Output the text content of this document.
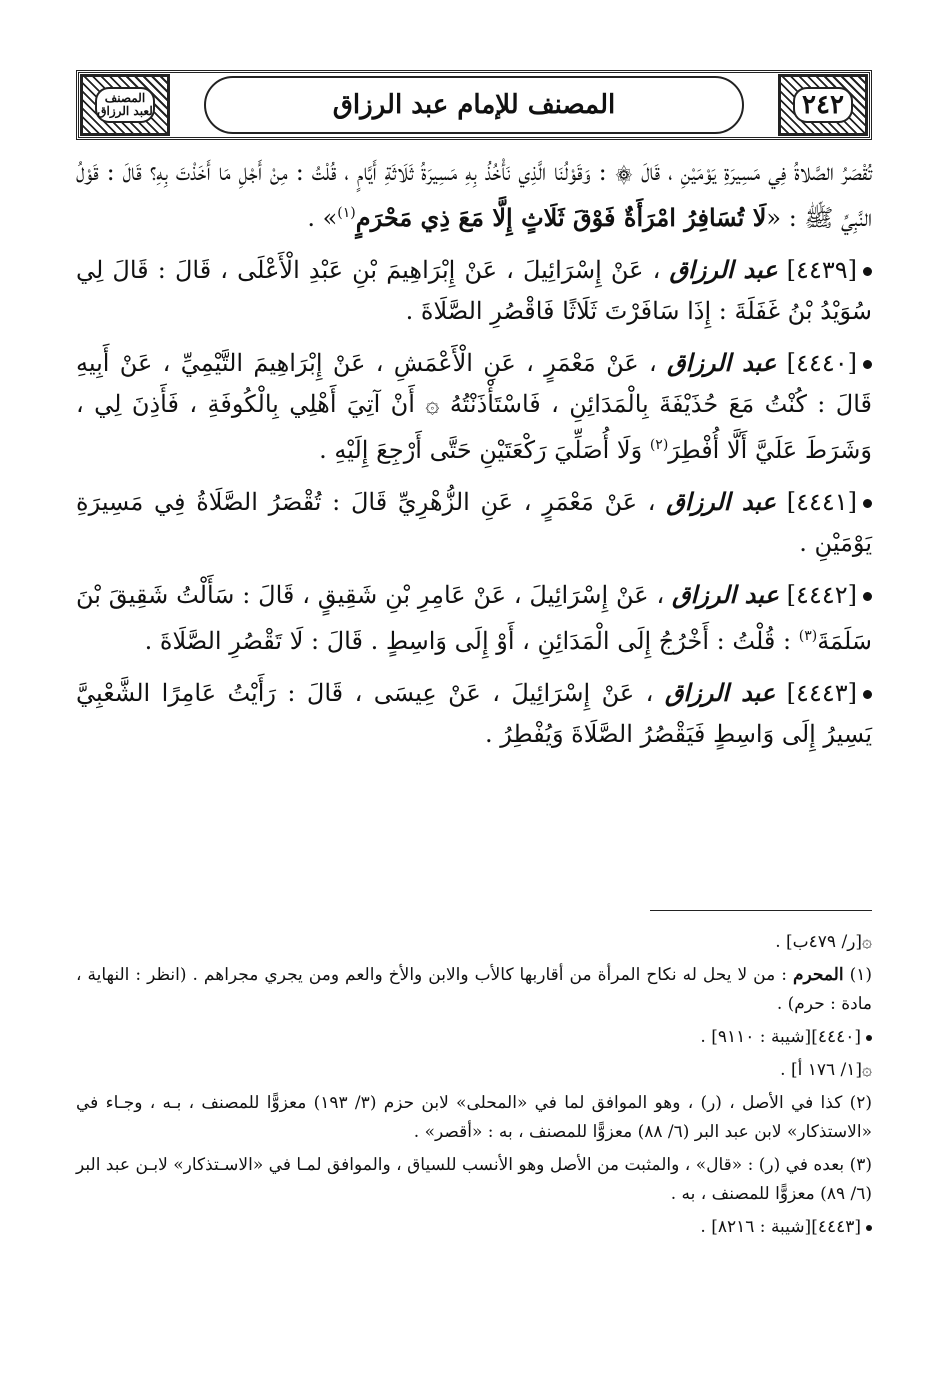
المصنف لعبد الرزاق	المصنف للإمام عبد الرزاق	٢٤٢

تُقْصَرُ الصَّلاةُ فِي مَسِيرَةِ يَوْمَيْنِ ، قَالَ ۞ : وَقَوْلُنَا الَّذِي نَأْخُذُ بِهِ مَسِيرَةُ ثَلَاثَةِ أَيَّامٍ ، قُلْتُ : مِنْ أَجْلِ مَا أَخَذْتَ بِهِ؟ قَالَ : قَوْلُ النَّبِيِّ ﷺ : «لَا تُسَافِرُ امْرَأَةٌ فَوْقَ ثَلَاثٍ إِلَّا مَعَ ذِي مَحْرَمٍ$^{(١)}$» .

[٤٤٣٩] عبد الرزاق ، عَنْ إِسْرَائِيلَ ، عَنْ إِبْرَاهِيمَ بْنِ عَبْدِ الْأَعْلَى ، قَالَ : قَالَ لِي سُوَيْدُ بْنُ غَفَلَةَ : إِذَا سَافَرْتَ ثَلَاثًا فَاقْصُرِ الصَّلَاةَ .

[٤٤٤٠] عبد الرزاق ، عَنْ مَعْمَرٍ ، عَنِ الْأَعْمَشِ ، عَنْ إِبْرَاهِيمَ التَّيْمِيِّ ، عَنْ أَبِيهِ قَالَ : كُنْتُ مَعَ حُذَيْفَةَ بِالْمَدَائِنِ ، فَاسْتَأْذَنْتُهُ ۞ أَنْ آتِيَ أَهْلِي بِالْكُوفَةِ ، فَأَذِنَ لِي ، وَشَرَطَ عَلَيَّ أَلَّا أُفْطِرَ$^{(٢)}$ وَلَا أُصَلِّيَ رَكْعَتَيْنِ حَتَّى أَرْجِعَ إِلَيْهِ .

[٤٤٤١] عبد الرزاق ، عَنْ مَعْمَرٍ ، عَنِ الزُّهْرِيِّ قَالَ : تُقْصَرُ الصَّلَاةُ فِي مَسِيرَةِ يَوْمَيْنِ .

[٤٤٤٢] عبد الرزاق ، عَنْ إِسْرَائِيلَ ، عَنْ عَامِرِ بْنِ شَقِيقٍ ، قَالَ : سَأَلْتُ شَقِيقَ بْنَ سَلَمَةَ$^{(٣)}$ : قُلْتُ : أَخْرُجُ إِلَى الْمَدَائِنِ ، أَوْ إِلَى وَاسِطٍ . قَالَ : لَا تَقْصُرِ الصَّلَاةَ .

[٤٤٤٣] عبد الرزاق ، عَنْ إِسْرَائِيلَ ، عَنْ عِيسَى ، قَالَ : رَأَيْتُ عَامِرًا الشَّعْبِيَّ يَسِيرُ إِلَى وَاسِطٍ فَيَقْصُرُ الصَّلَاةَ وَيُفْطِرُ .

۞[ر/ ٤٧٩ب] .

(١) المحرم : من لا يحل له نكاح المرأة من أقاربها كالأب والابن والأخ والعم ومن يجري مجراهم . (انظر : النهاية ، مادة : حرم) .

[٤٤٤٠][شيبة : ٩١١٠] .

۞[١/ ١٧٦ أ] .

(٢) كذا في الأصل ، (ر) ، وهو الموافق لما في «المحلى» لابن حزم (٣/ ١٩٣) معزوًّا للمصنف ، بـه ، وجـاء في «الاستذكار» لابن عبد البر (٦/ ٨٨) معزوًّا للمصنف ، به : «أقصر» .

(٣) بعده في (ر) : «قال» ، والمثبت من الأصل وهو الأنسب للسياق ، والموافق لمـا في «الاسـتذكار» لابـن عبد البر (٦/ ٨٩) معزوًّا للمصنف ، به .

[٤٤٤٣][شيبة : ٨٢١٦] .
